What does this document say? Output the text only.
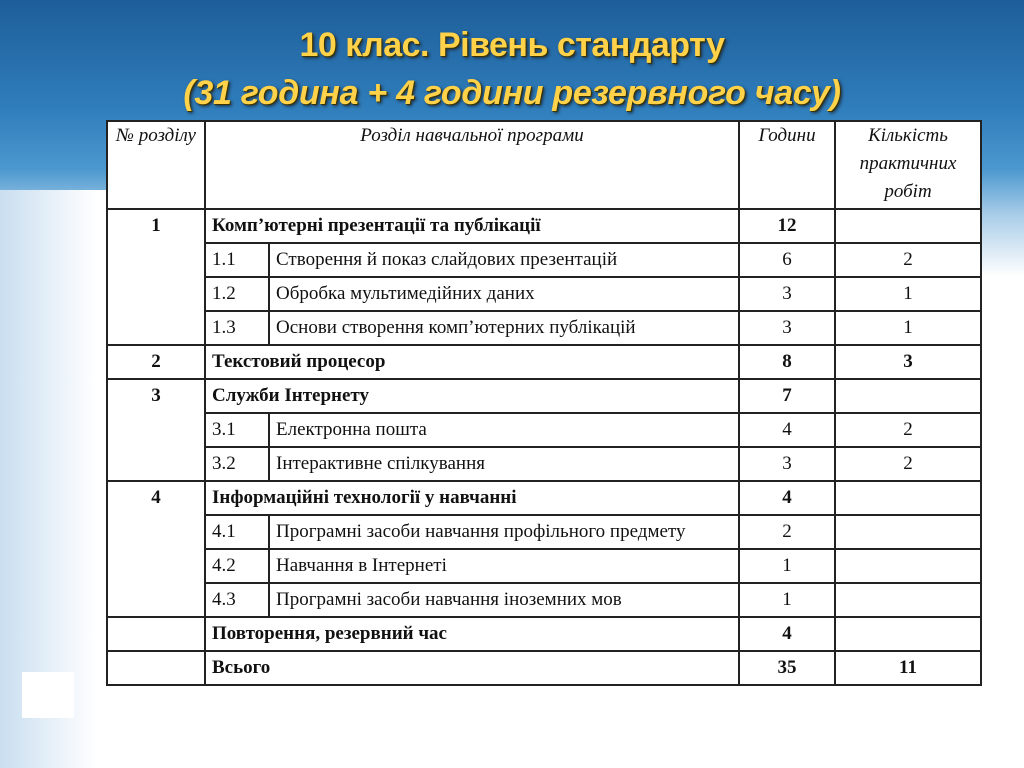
10 клас. Рівень стандарту
(31 година + 4 години резервного часу)
№ розділу	Розділ навчальної програми		Години	Кількість практичних робіт
1	Комп’ютерні презентації та публікації		12	
	1.1	Створення й показ слайдових презентацій	6	2
	1.2	Обробка мультимедійних даних	3	1
	1.3	Основи створення комп’ютерних публікацій	3	1
2	Текстовий процесор		8	3
3	Служби Інтернету		7	
	3.1	Електронна пошта	4	2
	3.2	Інтерактивне спілкування	3	2
4	Інформаційні технології у навчанні		4	
	4.1	Програмні засоби навчання профільного предмету	2	
	4.2	Навчання в Інтернеті	1	
	4.3	Програмні засоби навчання іноземних мов	1	
	Повторення, резервний час		4	
	Всього		35	11
